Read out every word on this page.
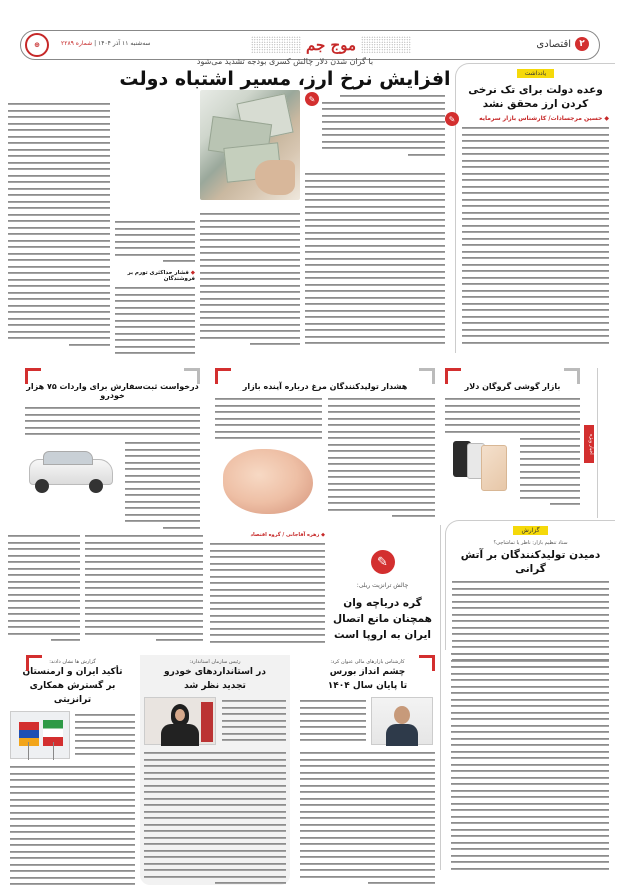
۲
اقتصادی
موج جم
سه‌شنبه ۱۱ آذر ۱۴۰۴ | شماره ۲۲۸۹
⊕
با گران شدن دلار چالش کسری بودجه تشدید می‌شود
افزایش نرخ ارز، مسیر اشتباه دولت
✎
◆ فشار حداکثری تورم بر فروشندگان
یادداشت
وعده دولت برای تک نرخی کردن ارز محقق نشد
◆ حسین مرجسادات/ کارشناس بازار سرمایه
✎
بازار گوشی گروگان دلار
اخبار ویژه
هشدار تولیدکنندگان مرغ درباره آینده بازار
درخواست ثبت‌سفارش برای واردات ۷۵ هزار خودرو
گزارش
ستاد تنظیم بازار: ناظر یا تماشاچی؟
دمیدن تولیدکنندگان بر آتش گرانی
✎
چالش ترانزیت ریلی:
گره دریاچه وان
همچنان مانع اتصال
ایران به اروپا است
◆ زهره آقاجانی / گروه اقتصاد
کارشناس بازارهای مالی عنوان کرد:
چشم انداز بورس
تا پایان سال ۱۴۰۴
رئیس سازمان استاندارد:
در استانداردهای خودرو
تجدید نظر شد
گزارش ها نشان دادند:
تأکید ایران و ارمنستان
بر گسترش همکاری ترانزیتی
